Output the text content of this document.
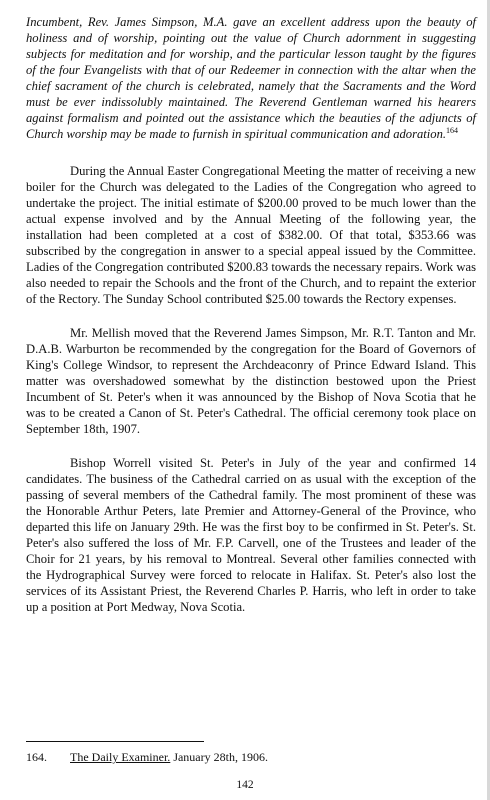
Incumbent, Rev. James Simpson, M.A. gave an excellent address upon the beauty of holiness and of worship, pointing out the value of Church adornment in suggesting subjects for meditation and for worship, and the particular lesson taught by the figures of the four Evangelists with that of our Redeemer in connection with the altar when the chief sacrament of the church is celebrated, namely that the Sacraments and the Word must be ever indissolubly maintained. The Reverend Gentleman warned his hearers against formalism and pointed out the assistance which the beauties of the adjuncts of Church worship may be made to furnish in spiritual communication and adoration.$^{164}$

During the Annual Easter Congregational Meeting the matter of receiving a new boiler for the Church was delegated to the Ladies of the Congregation who agreed to undertake the project. The initial estimate of $200.00 proved to be much lower than the actual expense involved and by the Annual Meeting of the following year, the installation had been completed at a cost of $382.00. Of that total, $353.66 was subscribed by the congregation in answer to a special appeal issued by the Committee. Ladies of the Congregation contributed $200.83 towards the necessary repairs. Work was also needed to repair the Schools and the front of the Church, and to repaint the exterior of the Rectory. The Sunday School contributed $25.00 towards the Rectory expenses.

Mr. Mellish moved that the Reverend James Simpson, Mr. R.T. Tanton and Mr. D.A.B. Warburton be recommended by the congregation for the Board of Governors of King's College Windsor, to represent the Archdeaconry of Prince Edward Island. This matter was overshadowed somewhat by the distinction bestowed upon the Priest Incumbent of St. Peter's when it was announced by the Bishop of Nova Scotia that he was to be created a Canon of St. Peter's Cathedral. The official ceremony took place on September 18th, 1907.

Bishop Worrell visited St. Peter's in July of the year and confirmed 14 candidates. The business of the Cathedral carried on as usual with the exception of the passing of several members of the Cathedral family. The most prominent of these was the Honorable Arthur Peters, late Premier and Attorney-General of the Province, who departed this life on January 29th. He was the first boy to be confirmed in St. Peter's. St. Peter's also suffered the loss of Mr. F.P. Carvell, one of the Trustees and leader of the Choir for 21 years, by his removal to Montreal. Several other families connected with the Hydrographical Survey were forced to relocate in Halifax. St. Peter's also lost the services of its Assistant Priest, the Reverend Charles P. Harris, who left in order to take up a position at Port Medway, Nova Scotia.

164. The Daily Examiner. January 28th, 1906.
142
